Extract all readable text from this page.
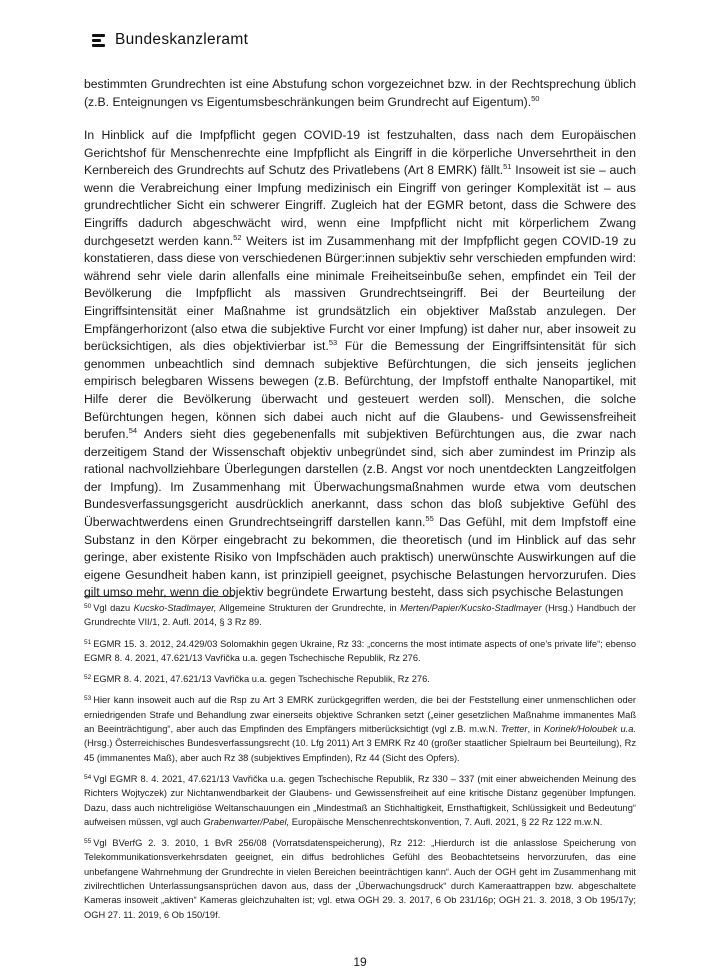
Bundeskanzleramt

bestimmten Grundrechten ist eine Abstufung schon vorgezeichnet bzw. in der Rechtsprechung üblich (z.B. Enteignungen vs Eigentumsbeschränkungen beim Grundrecht auf Eigentum).$^{50}$

In Hinblick auf die Impfpflicht gegen COVID-19 ist festzuhalten, dass nach dem Europäischen Gerichtshof für Menschenrechte eine Impfpflicht als Eingriff in die körperliche Unversehrtheit in den Kernbereich des Grundrechts auf Schutz des Privatlebens (Art 8 EMRK) fällt.$^{51}$ Insoweit ist sie – auch wenn die Verabreichung einer Impfung medizinisch ein Eingriff von geringer Komplexität ist – aus grundrechtlicher Sicht ein schwerer Eingriff. Zugleich hat der EGMR betont, dass die Schwere des Eingriffs dadurch abgeschwächt wird, wenn eine Impfpflicht nicht mit körperlichem Zwang durchgesetzt werden kann.$^{52}$ Weiters ist im Zusammenhang mit der Impfpflicht gegen COVID-19 zu konstatieren, dass diese von verschiedenen Bürger:innen subjektiv sehr verschieden empfunden wird: während sehr viele darin allenfalls eine minimale Freiheitseinbuße sehen, empfindet ein Teil der Bevölkerung die Impfpflicht als massiven Grundrechtseingriff. Bei der Beurteilung der Eingriffsintensität einer Maßnahme ist grundsätzlich ein objektiver Maßstab anzulegen. Der Empfängerhorizont (also etwa die subjektive Furcht vor einer Impfung) ist daher nur, aber insoweit zu berücksichtigen, als dies objektivierbar ist.$^{53}$ Für die Bemessung der Eingriffsintensität für sich genommen unbeachtlich sind demnach subjektive Befürchtungen, die sich jenseits jeglichen empirisch belegbaren Wissens bewegen (z.B. Befürchtung, der Impfstoff enthalte Nanopartikel, mit Hilfe derer die Bevölkerung überwacht und gesteuert werden soll). Menschen, die solche Befürchtungen hegen, können sich dabei auch nicht auf die Glaubens- und Gewissensfreiheit berufen.$^{54}$ Anders sieht dies gegebenenfalls mit subjektiven Befürchtungen aus, die zwar nach derzeitigem Stand der Wissenschaft objektiv unbegründet sind, sich aber zumindest im Prinzip als rational nachvollziehbare Überlegungen darstellen (z.B. Angst vor noch unentdeckten Langzeitfolgen der Impfung). Im Zusammenhang mit Überwachungsmaßnahmen wurde etwa vom deutschen Bundesverfassungsgericht ausdrücklich anerkannt, dass schon das bloß subjektive Gefühl des Überwachtwerdens einen Grundrechtseingriff darstellen kann.$^{55}$ Das Gefühl, mit dem Impfstoff eine Substanz in den Körper eingebracht zu bekommen, die theoretisch (und im Hinblick auf das sehr geringe, aber existente Risiko von Impfschäden auch praktisch) unerwünschte Auswirkungen auf die eigene Gesundheit haben kann, ist prinzipiell geeignet, psychische Belastungen hervorzurufen. Dies gilt umso mehr, wenn die objektiv begründete Erwartung besteht, dass sich psychische Belastungen

$^{50}$ Vgl dazu Kucsko-Stadlmayer, Allgemeine Strukturen der Grundrechte, in Merten/Papier/Kucsko-Stadlmayer (Hrsg.) Handbuch der Grundrechte VII/1, 2. Aufl. 2014, § 3 Rz 89.

$^{51}$ EGMR 15. 3. 2012, 24.429/03 Solomakhin gegen Ukraine, Rz 33: „concerns the most intimate aspects of one’s private life“; ebenso EGMR 8. 4. 2021, 47.621/13 Vavřička u.a. gegen Tschechische Republik, Rz 276.

$^{52}$ EGMR 8. 4. 2021, 47.621/13 Vavřička u.a. gegen Tschechische Republik, Rz 276.

$^{53}$ Hier kann insoweit auch auf die Rsp zu Art 3 EMRK zurückgegriffen werden, die bei der Feststellung einer unmenschlichen oder erniedrigenden Strafe und Behandlung zwar einerseits objektive Schranken setzt („einer gesetzlichen Maßnahme immanentes Maß an Beeinträchtigung“, aber auch das Empfinden des Empfängers mitberücksichtigt (vgl z.B. m.w.N. Tretter, in Korinek/Holoubek u.a. (Hrsg.) Österreichisches Bundesverfassungsrecht (10. Lfg 2011) Art 3 EMRK Rz 40 (großer staatlicher Spielraum bei Beurteilung), Rz 45 (immanentes Maß), aber auch Rz 38 (subjektives Empfinden), Rz 44 (Sicht des Opfers).

$^{54}$ Vgl EGMR 8. 4. 2021, 47.621/13 Vavřička u.a. gegen Tschechische Republik, Rz 330 – 337 (mit einer abweichenden Meinung des Richters Wojtyczek) zur Nichtanwendbarkeit der Glaubens- und Gewissensfreiheit auf eine kritische Distanz gegenüber Impfungen. Dazu, dass auch nichtreligiöse Weltanschauungen ein „Mindestmaß an Stichhaltigkeit, Ernsthaftigkeit, Schlüssigkeit und Bedeutung“ aufweisen müssen, vgl auch Grabenwarter/Pabel, Europäische Menschenrechtskonvention, 7. Aufl. 2021, § 22 Rz 122 m.w.N.

$^{55}$ Vgl BVerfG 2. 3. 2010, 1 BvR 256/08 (Vorratsdatenspeicherung), Rz 212: „Hierdurch ist die anlasslose Speicherung von Telekommunikationsverkehrsdaten geeignet, ein diffus bedrohliches Gefühl des Beobachtetseins hervorzurufen, das eine unbefangene Wahrnehmung der Grundrechte in vielen Bereichen beeinträchtigen kann“. Auch der OGH geht im Zusammenhang mit zivilrechtlichen Unterlassungsansprüchen davon aus, dass der „Überwachungsdruck“ durch Kameraattrappen bzw. abgeschaltete Kameras insoweit „aktiven“ Kameras gleichzuhalten ist; vgl. etwa OGH 29. 3. 2017, 6 Ob 231/16p; OGH 21. 3. 2018, 3 Ob 195/17y; OGH 27. 11. 2019, 6 Ob 150/19f.

19
